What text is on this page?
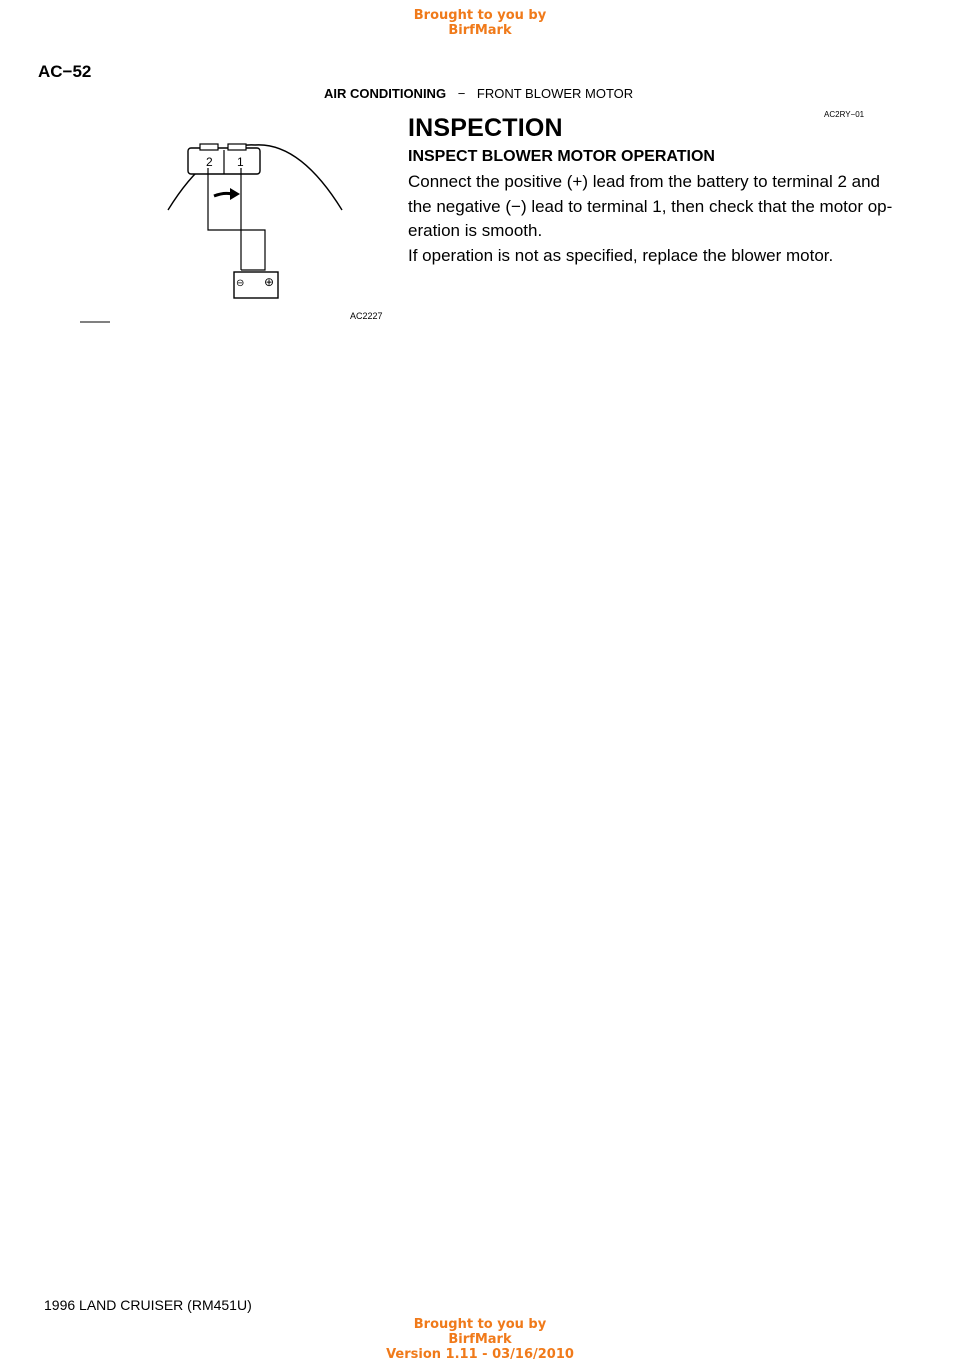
Brought to you by BirfMark
AC−52
AIR CONDITIONING − FRONT BLOWER MOTOR
AC2RY−01
2 1
⊖ ⊕
AC2227
INSPECTION
INSPECT BLOWER MOTOR OPERATION

Connect the positive (+) lead from the battery to terminal 2 and

the negative (−) lead to terminal 1, then check that the motor op-

eration is smooth.

If operation is not as specified, replace the blower motor.

1996 LAND CRUISER (RM451U)
Brought to you by BirfMark
Version 1.11 - 03/16/2010
